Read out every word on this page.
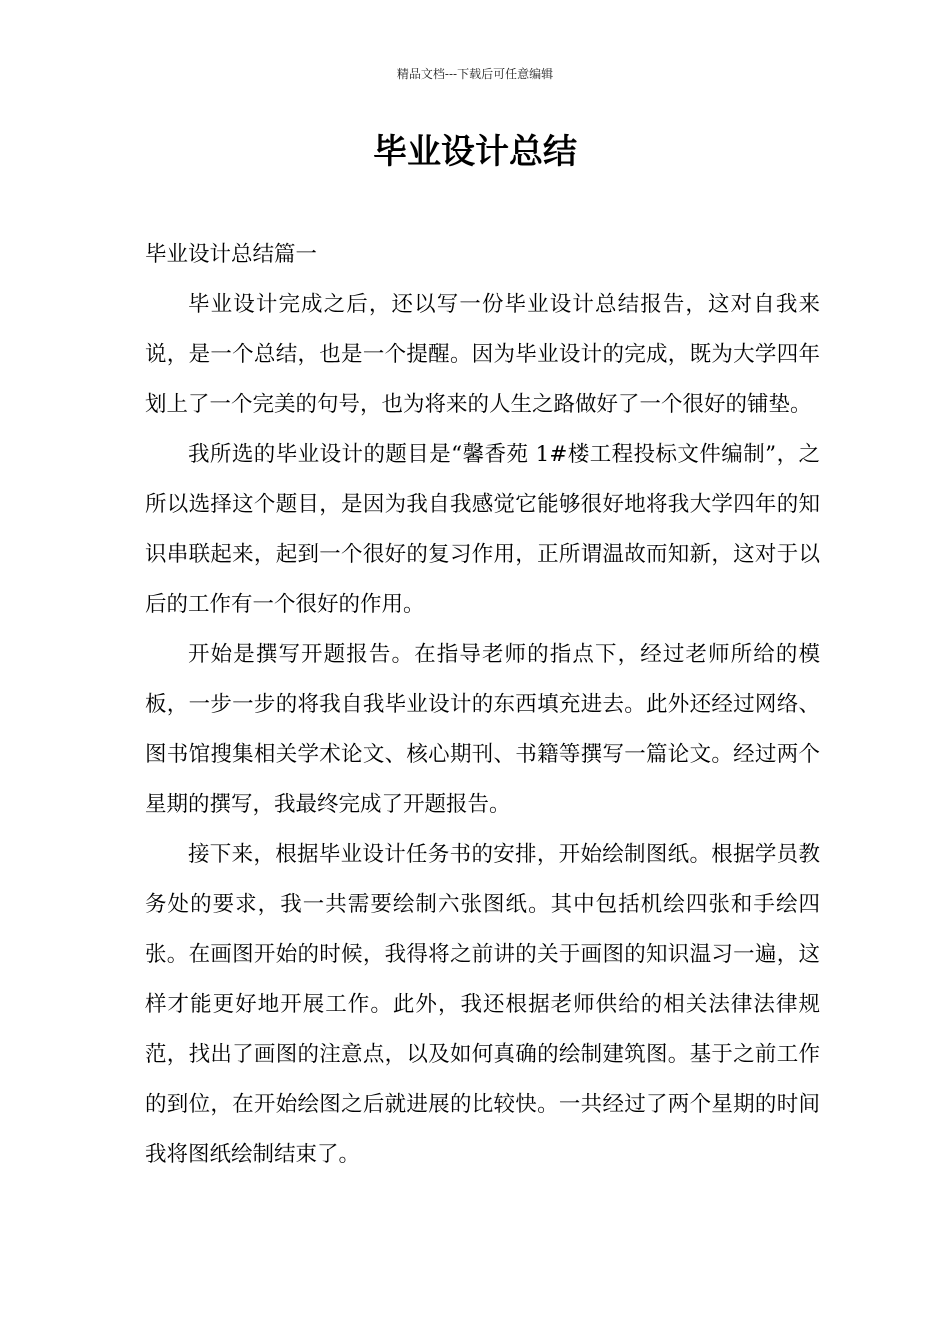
精品文档---下载后可任意编辑
毕业设计总结
毕业设计总结篇一

毕业设计完成之后，还以写一份毕业设计总结报告，这对自我来说，是一个总结，也是一个提醒。因为毕业设计的完成，既为大学四年划上了一个完美的句号，也为将来的人生之路做好了一个很好的铺垫。

我所选的毕业设计的题目是“馨香苑 1#楼工程投标文件编制”，之所以选择这个题目，是因为我自我感觉它能够很好地将我大学四年的知识串联起来，起到一个很好的复习作用，正所谓温故而知新，这对于以后的工作有一个很好的作用。

开始是撰写开题报告。在指导老师的指点下，经过老师所给的模板，一步一步的将我自我毕业设计的东西填充进去。此外还经过网络、图书馆搜集相关学术论文、核心期刊、书籍等撰写一篇论文。经过两个星期的撰写，我最终完成了开题报告。

接下来，根据毕业设计任务书的安排，开始绘制图纸。根据学员教务处的要求，我一共需要绘制六张图纸。其中包括机绘四张和手绘四张。在画图开始的时候，我得将之前讲的关于画图的知识温习一遍，这样才能更好地开展工作。此外，我还根据老师供给的相关法律法律规范，找出了画图的注意点，以及如何真确的绘制建筑图。基于之前工作的到位，在开始绘图之后就进展的比较快。一共经过了两个星期的时间我将图纸绘制结束了。
